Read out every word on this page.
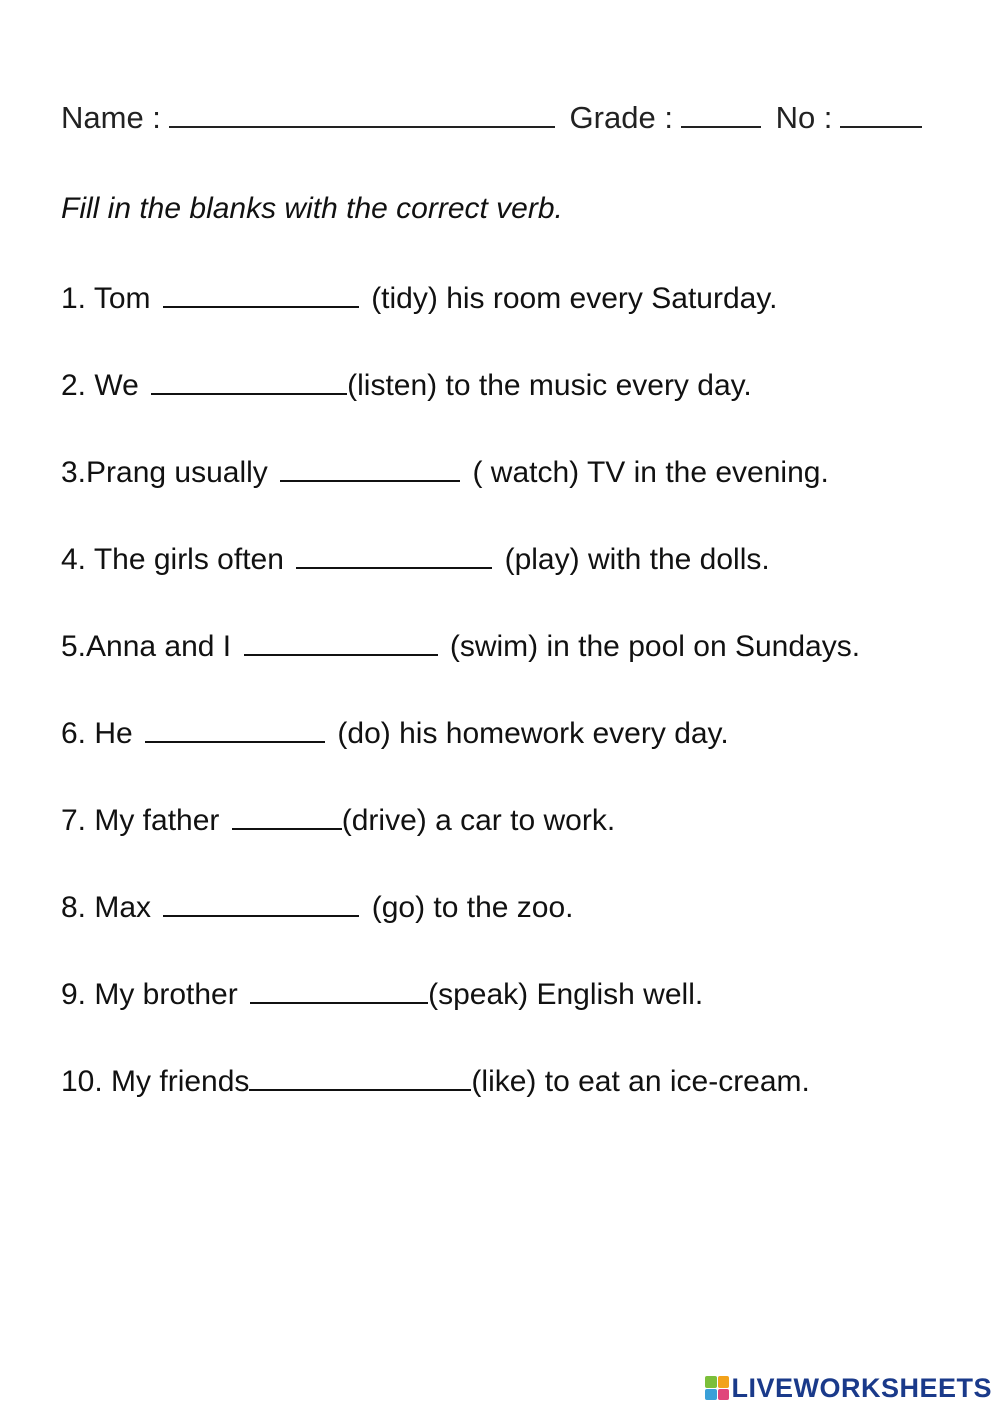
Name :	Grade :	No :
Fill in the blanks with the correct verb.
1. Tom	(tidy) his room every Saturday.
2. We	(listen) to the music every day.
3.Prang usually	( watch) TV in the evening.
4. The girls often	(play) with the dolls.
5.Anna and I	(swim) in the pool on Sundays.
6. He	(do) his homework every day.
7. My father	(drive) a car to work.
8. Max	(go) to the zoo.
9. My brother	(speak) English well.
10. My friends	(like) to eat an ice-cream.
LIVEWORKSHEETS
